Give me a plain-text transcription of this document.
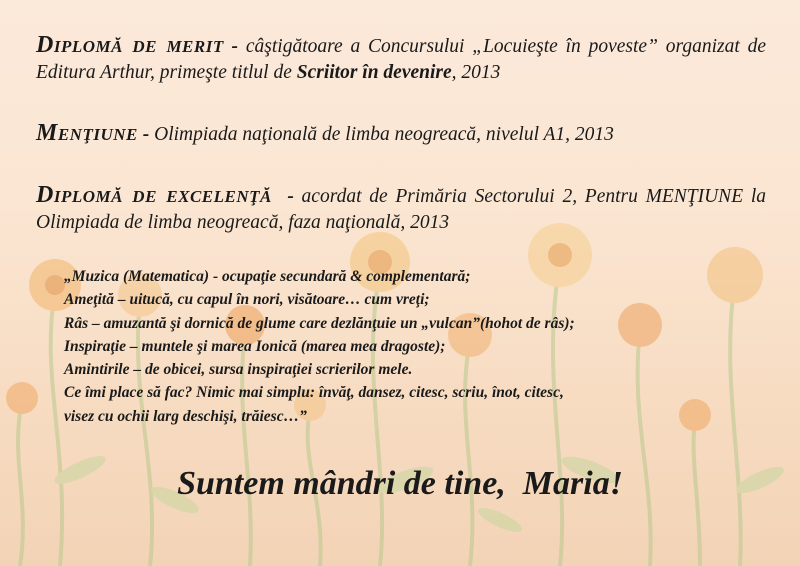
Diplomă de merit - câştigătoare a Concursului „Locuieşte în poveste” organizat de Editura Arthur, primeşte titlul de Scriitor în devenire, 2013
Menţiune - Olimpiada naţională de limba neogreacă, nivelul A1, 2013
Diplomă de excelenţă  - acordat de Primăria Sectorului 2, Pentru MENŢIUNE la Olimpiada de limba neogreacă, faza naţională, 2013
„Muzica (Matematica) - ocupaţie secundară & complementară;
Ameţită – uitucă, cu capul în nori, visătoare… cum vreţi;
Râs – amuzantă şi dornică de glume care dezlănţuie un „vulcan”(hohot de râs);
Inspiraţie – muntele şi marea Ionică (marea mea dragoste);
Amintirile – de obicei, sursa inspiraţiei scrierilor mele.
Ce îmi place să fac? Nimic mai simplu: învăţ, dansez, citesc, scriu, înot, citesc,
visez cu ochii larg deschişi, trăiesc…”
Suntem mândri de tine,  Maria!
